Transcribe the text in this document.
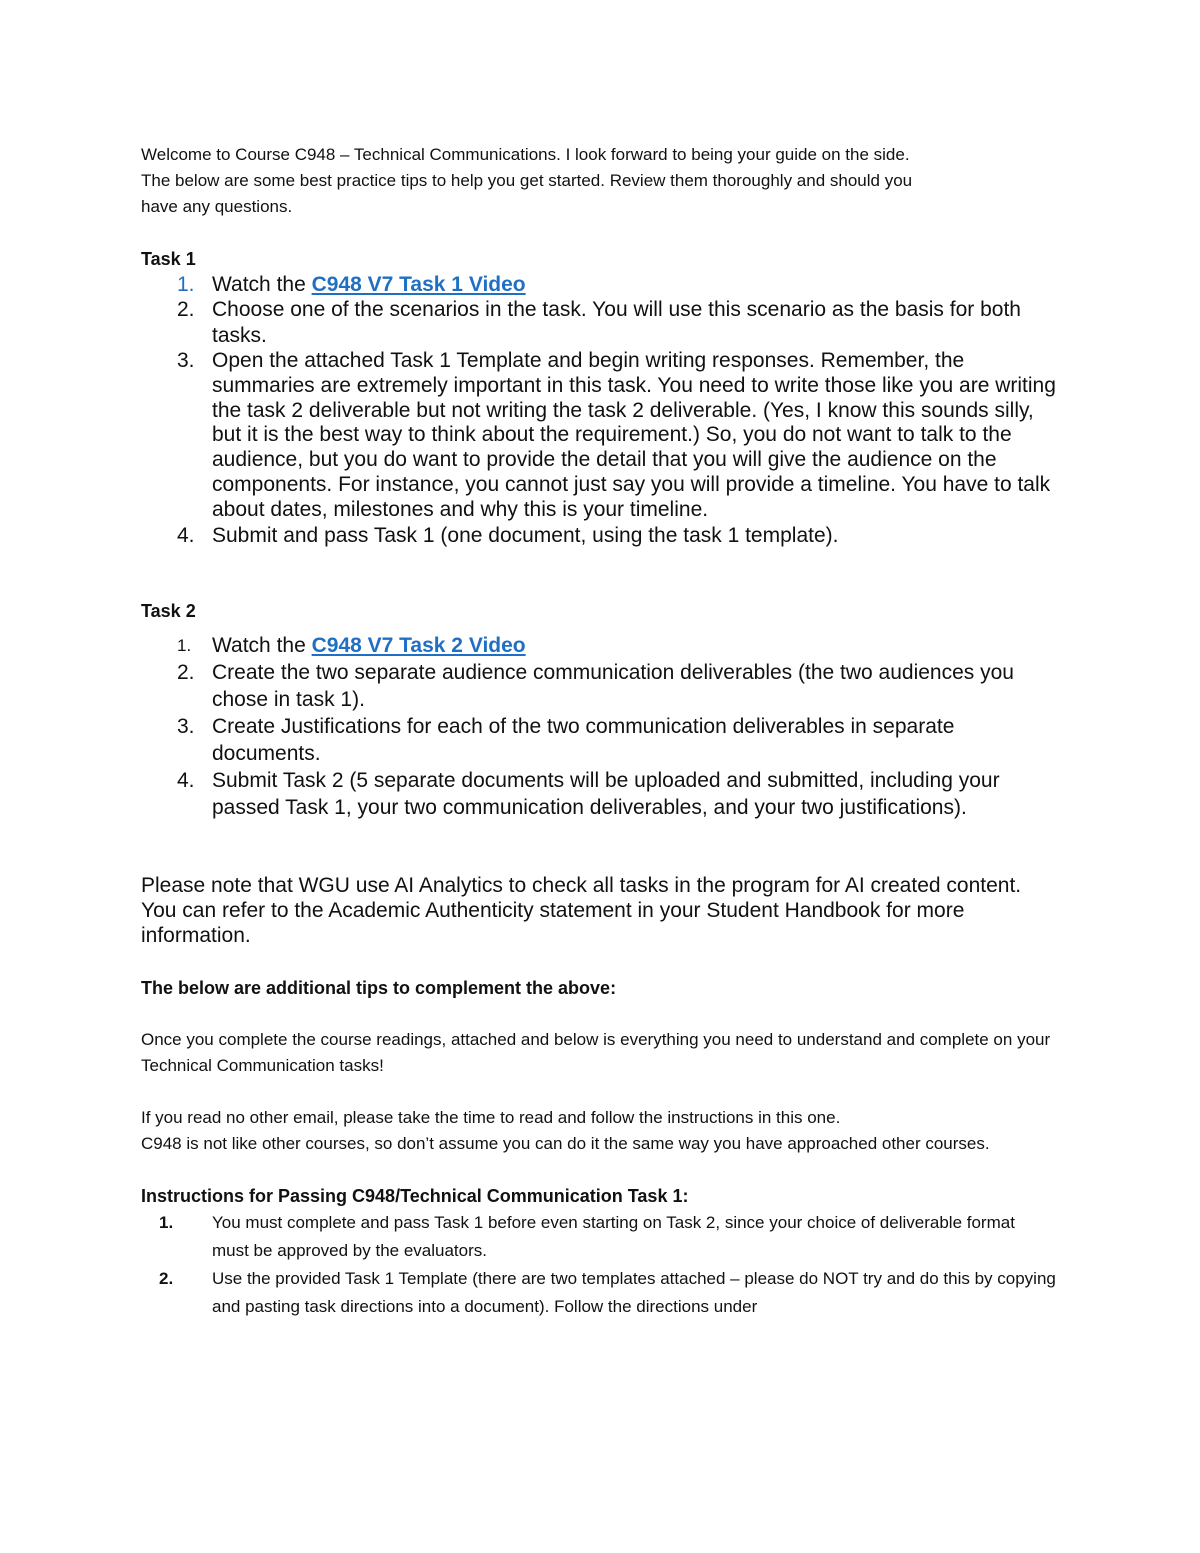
Welcome to Course C948 – Technical Communications. I look forward to being your guide on the side.

The below are some best practice tips to help you get started. Review them thoroughly and should you

have any questions.

Task 1
1. Watch the C948 V7 Task 1 Video
2. Choose one of the scenarios in the task. You will use this scenario as the basis for both tasks.
3. Open the attached Task 1 Template and begin writing responses. Remember, the summaries are extremely important in this task. You need to write those like you are writing the task 2 deliverable but not writing the task 2 deliverable. (Yes, I know this sounds silly, but it is the best way to think about the requirement.) So, you do not want to talk to the audience, but you do want to provide the detail that you will give the audience on the components. For instance, you cannot just say you will provide a timeline. You have to talk about dates, milestones and why this is your timeline.
4. Submit and pass Task 1 (one document, using the task 1 template).
Task 2
1. Watch the C948 V7 Task 2 Video
2. Create the two separate audience communication deliverables (the two audiences you chose in task 1).
3. Create Justifications for each of the two communication deliverables in separate documents.
4. Submit Task 2 (5 separate documents will be uploaded and submitted, including your passed Task 1, your two communication deliverables, and your two justifications).

Please note that WGU use AI Analytics to check all tasks in the program for AI created content. You can refer to the Academic Authenticity statement in your Student Handbook for more information.

The below are additional tips to complement the above:

Once you complete the course readings, attached and below is everything you need to understand and complete on your Technical Communication tasks!

If you read no other email, please take the time to read and follow the instructions in this one.

C948 is not like other courses, so don’t assume you can do it the same way you have approached other courses.

Instructions for Passing C948/Technical Communication Task 1:

1. You must complete and pass Task 1 before even starting on Task 2, since your choice of deliverable format must be approved by the evaluators.
2. Use the provided Task 1 Template (there are two templates attached – please do NOT try and do this by copying and pasting task directions into a document). Follow the directions under
